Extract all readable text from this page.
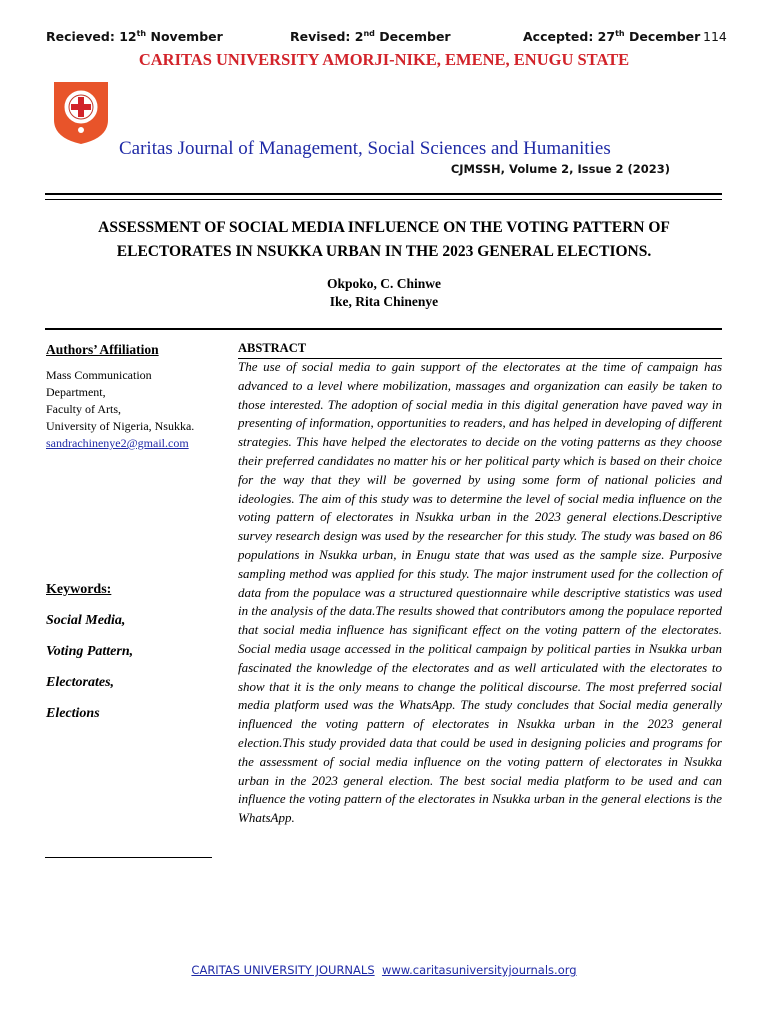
Recieved: 12th November	Revised: 2nd December	Accepted: 27th December 114
CARITAS UNIVERSITY AMORJI-NIKE, EMENE, ENUGU STATE
Caritas Journal of Management, Social Sciences and Humanities
CJMSSH, Volume 2, Issue 2 (2023)
ASSESSMENT OF SOCIAL MEDIA INFLUENCE ON THE VOTING PATTERN OF ELECTORATES IN NSUKKA URBAN IN THE 2023 GENERAL ELECTIONS.
Okpoko, C. Chinwe
Ike, Rita Chinenye
Authors’ Affiliation
Mass Communication
Department,
Faculty of Arts,
University of Nigeria, Nsukka.
sandrachinenye2@gmail.com
Keywords:
Social Media,
Voting Pattern,
Electorates,
Elections
ABSTRACT
The use of social media to gain support of the electorates at the time of campaign has advanced to a level where mobilization, massages and organization can easily be taken to those interested. The adoption of social media in this digital generation have paved way in presenting of information, opportunities to readers, and has helped in developing of different strategies. This have helped the electorates to decide on the voting patterns as they choose their preferred candidates no matter his or her political party which is based on their choice for the way that they will be governed by using some form of national policies and ideologies. The aim of this study was to determine the level of social media influence on the voting pattern of electorates in Nsukka urban in the 2023 general elections.Descriptive survey research design was used by the researcher for this study. The study was based on 86 populations in Nsukka urban, in Enugu state that was used as the sample size. Purposive sampling method was applied for this study. The major instrument used for the collection of data from the populace was a structured questionnaire while descriptive statistics was used in the analysis of the data.The results showed that contributors among the populace reported that social media influence has significant effect on the voting pattern of the electorates. Social media usage accessed in the political campaign by political parties in Nsukka urban fascinated the knowledge of the electorates and as well articulated with the electorates to show that it is the only means to change the political discourse. The most preferred social media platform used was the WhatsApp. The study concludes that Social media generally influenced the voting pattern of electorates in Nsukka urban in the 2023 general election.This study provided data that could be used in designing policies and programs for the assessment of social media influence on the voting pattern of electorates in Nsukka urban in the 2023 general election. The best social media platform to be used and can influence the voting pattern of the electorates in Nsukka urban in the general elections is the WhatsApp.
CARITAS UNIVERSITY JOURNALS www.caritasuniversityjournals.org
